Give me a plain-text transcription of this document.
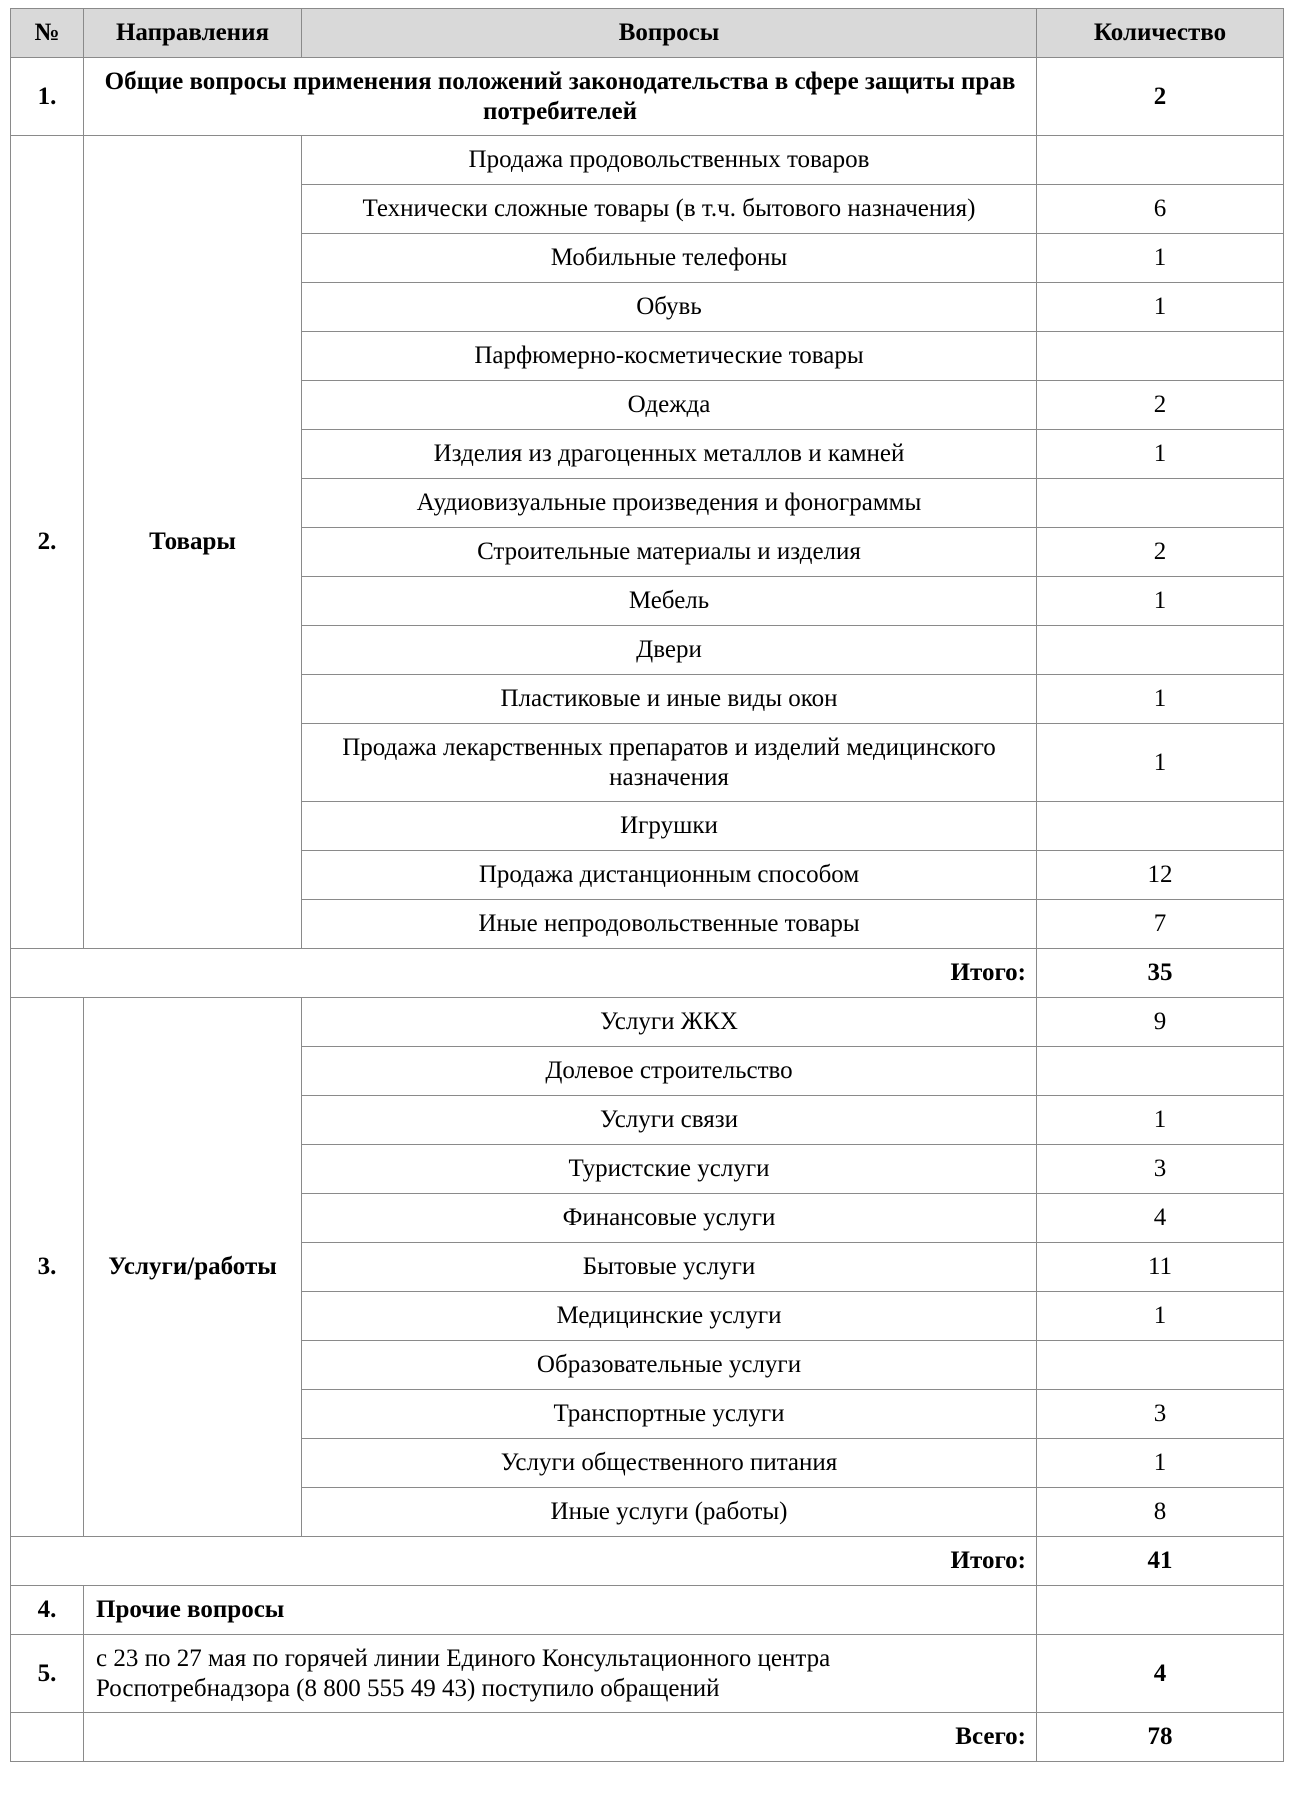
№	Направления	Вопросы	Количество
1.	Общие вопросы применения положений законодательства в сфере защиты прав потребителей		2
2.	Товары	Продажа продовольственных товаров	
		Технически сложные товары (в т.ч. бытового назначения)	6
		Мобильные телефоны	1
		Обувь	1
		Парфюмерно-косметические товары	
		Одежда	2
		Изделия из драгоценных металлов и камней	1
		Аудиовизуальные произведения и фонограммы	
		Строительные материалы и изделия	2
		Мебель	1
		Двери	
		Пластиковые и иные виды окон	1
		Продажа лекарственных препаратов и изделий медицинского назначения	1
		Игрушки	
		Продажа дистанционным способом	12
		Иные непродовольственные товары	7
Итого:			35
3.	Услуги/работы	Услуги ЖКХ	9
		Долевое строительство	
		Услуги связи	1
		Туристские услуги	3
		Финансовые услуги	4
		Бытовые услуги	11
		Медицинские услуги	1
		Образовательные услуги	
		Транспортные услуги	3
		Услуги общественного питания	1
		Иные услуги (работы)	8
Итого:			41
4.	Прочие вопросы		
5.	с 23 по 27 мая по горячей линии Единого Консультационного центра Роспотребнадзора (8 800 555 49 43) поступило обращений		4
	Всего:		78
